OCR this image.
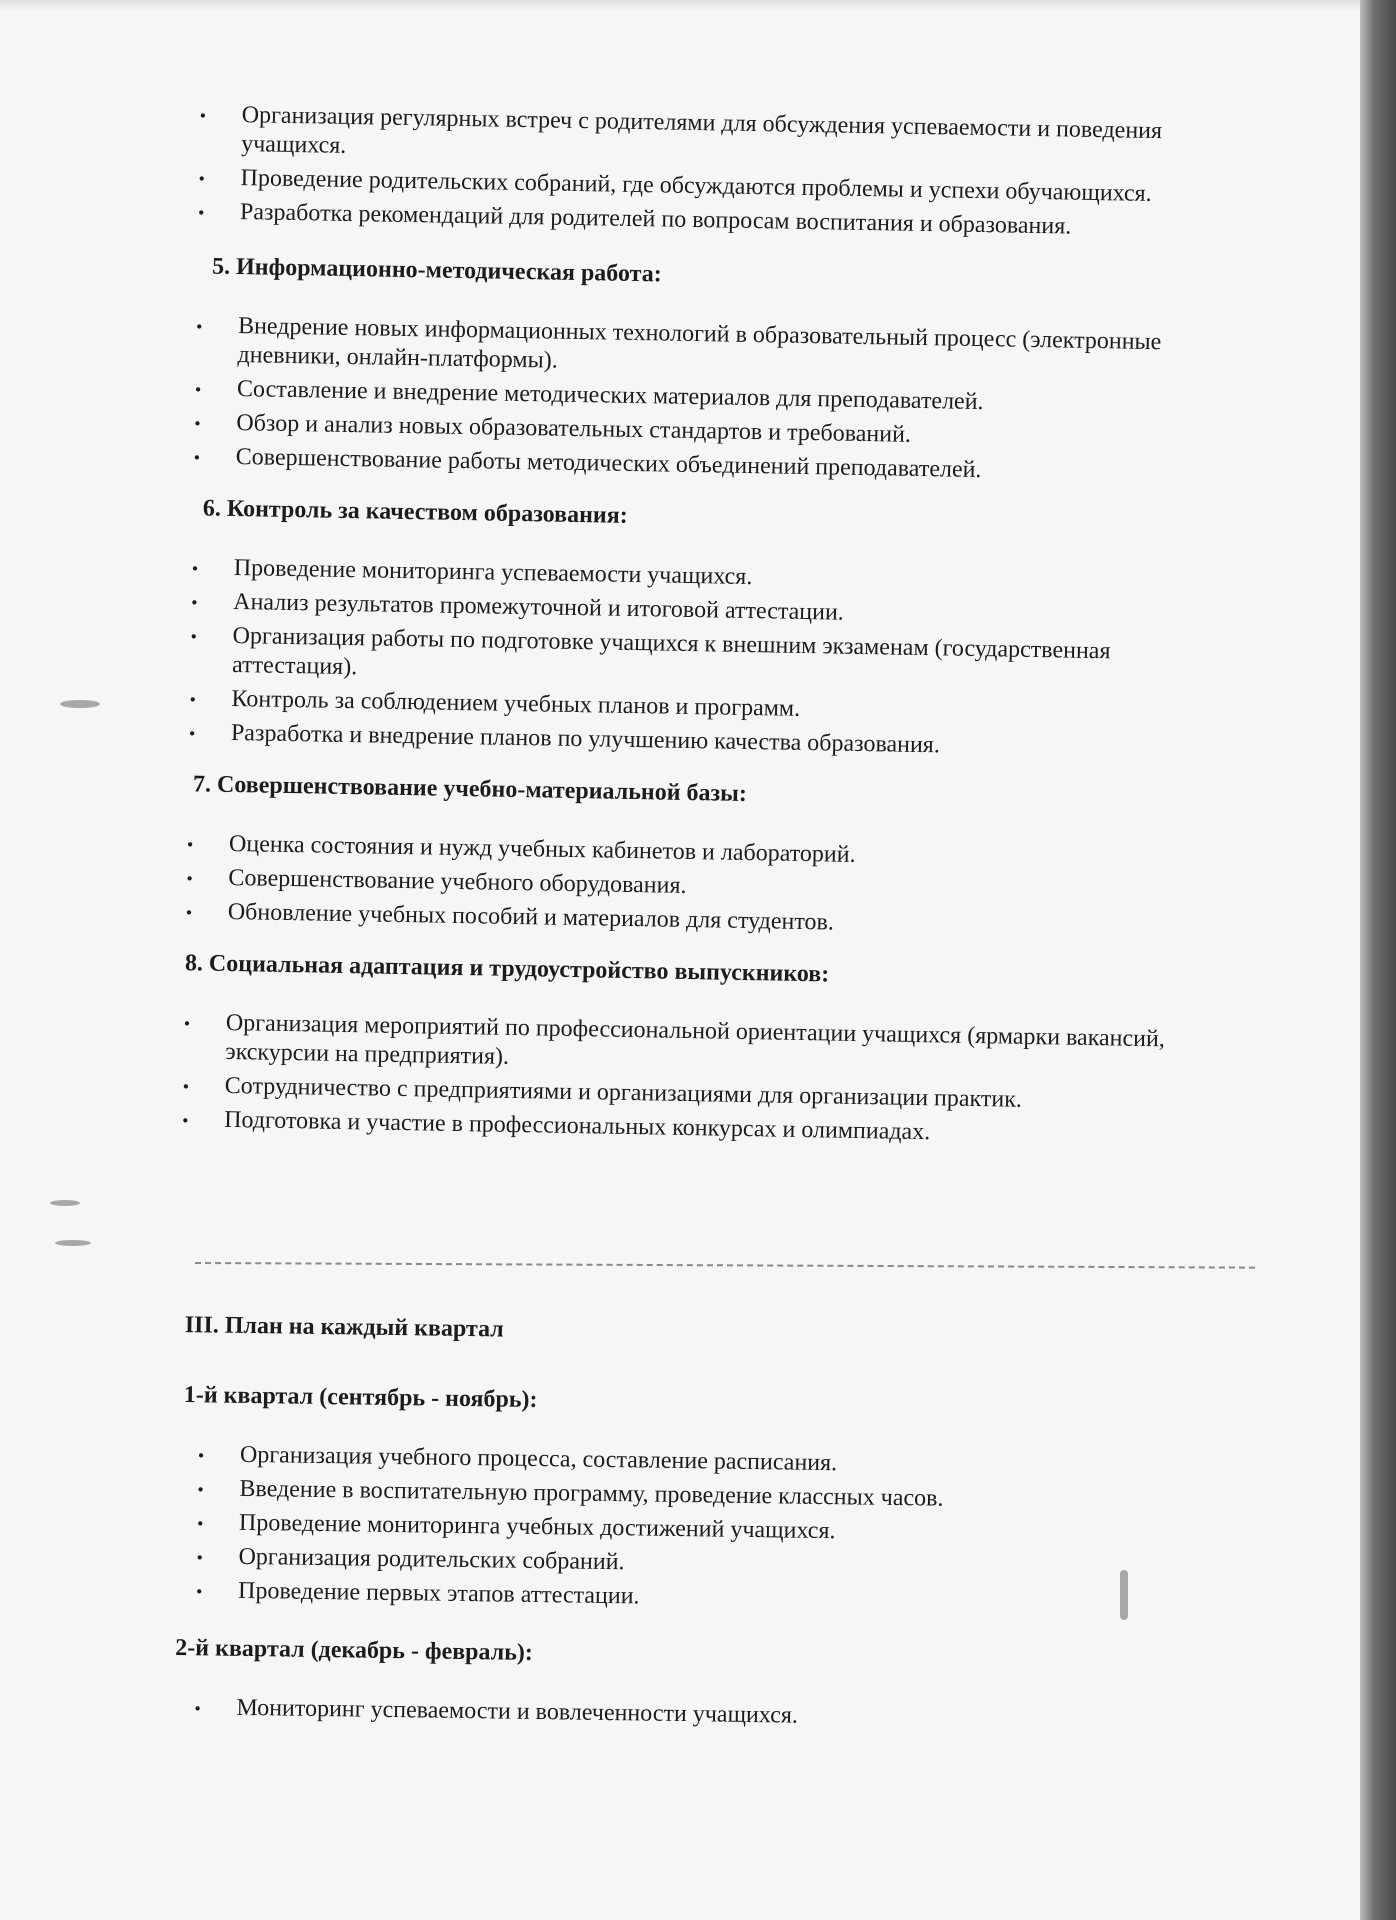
• Организация регулярных встреч с родителями для обсуждения успеваемости и поведения учащихся.
• Проведение родительских собраний, где обсуждаются проблемы и успехи обучающихся.
• Разработка рекомендаций для родителей по вопросам воспитания и образования.
5. Информационно-методическая работа:
• Внедрение новых информационных технологий в образовательный процесс (электронные дневники, онлайн-платформы).
• Составление и внедрение методических материалов для преподавателей.
• Обзор и анализ новых образовательных стандартов и требований.
• Совершенствование работы методических объединений преподавателей.
6. Контроль за качеством образования:
• Проведение мониторинга успеваемости учащихся.
• Анализ результатов промежуточной и итоговой аттестации.
• Организация работы по подготовке учащихся к внешним экзаменам (государственная аттестация).
• Контроль за соблюдением учебных планов и программ.
• Разработка и внедрение планов по улучшению качества образования.
7. Совершенствование учебно-материальной базы:
• Оценка состояния и нужд учебных кабинетов и лабораторий.
• Совершенствование учебного оборудования.
• Обновление учебных пособий и материалов для студентов.
8. Социальная адаптация и трудоустройство выпускников:
• Организация мероприятий по профессиональной ориентации учащихся (ярмарки вакансий, экскурсии на предприятия).
• Сотрудничество с предприятиями и организациями для организации практик.
• Подготовка и участие в профессиональных конкурсах и олимпиадах.
III. План на каждый квартал
1-й квартал (сентябрь - ноябрь):
• Организация учебного процесса, составление расписания.
• Введение в воспитательную программу, проведение классных часов.
• Проведение мониторинга учебных достижений учащихся.
• Организация родительских собраний.
• Проведение первых этапов аттестации.
2-й квартал (декабрь - февраль):
• Мониторинг успеваемости и вовлеченности учащихся.
